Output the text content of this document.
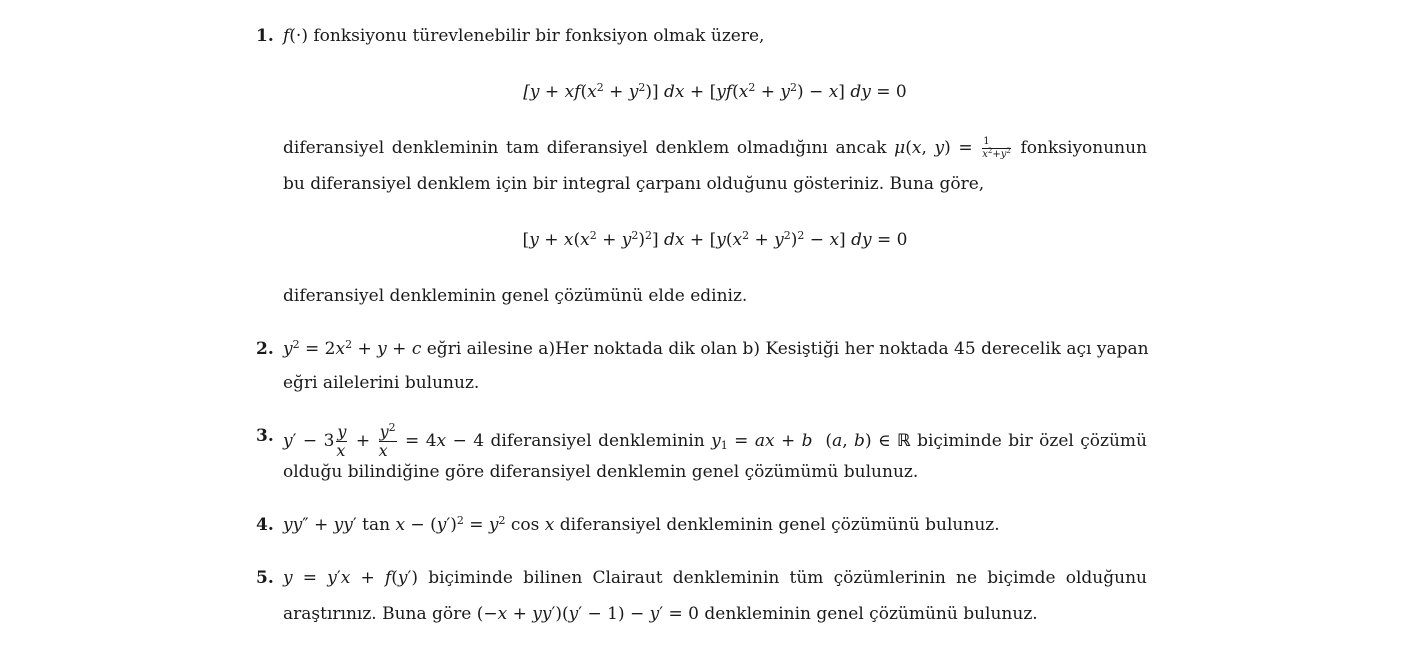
1. f(·) fonksiyonu türevlenebilir bir fonksiyon olmak üzere,
$[y + xf(x^2 + y^2)]$ dx + $[yf(x^2 + y^2) - x]$ dy = 0
diferansiyel denkleminin tam diferansiyel denklem olmadığını ancak μ(x, $y) = \frac{1}{x^2+y^2}$ fonksiyonunun
bu diferansiyel denklem için bir integral çarpanı olduğunu gösteriniz. Buna göre,
$[y + x(x^2 + y^2)^2]$ dx + $[y(x^2 + y^2)^2 - x]$ dy = 0
diferansiyel denkleminin genel çözümünü elde ediniz.
2. $y^2 = 2x^2 + y + c$ eğri ailesine a)Her noktada dik olan b) Kesiştiği her noktada 45 derecelik açı yapan
eğri ailelerini bulunuz.
3. $y' - 3 \frac{y}{x} + \frac{y^2}{x} = 4x - 4$ diferansiyel denkleminin $y_1$ = ax + b  (a, b) ∈ ℝ biçiminde bir özel çözümü
olduğu bilindiğine göre diferansiyel denklemin genel çözümümü bulunuz.
4. yy″ + yy′ $\tan x - (y')^2 = y^2$ cos x diferansiyel denkleminin genel çözümünü bulunuz.
5. y = y′x + f(y′) biçiminde bilinen Clairaut denkleminin tüm çözümlerinin ne biçimde olduğunu
araştırınız. Buna göre (−x + yy′)(y′ − 1) − y′ = 0 denkleminin genel çözümünü bulunuz.
